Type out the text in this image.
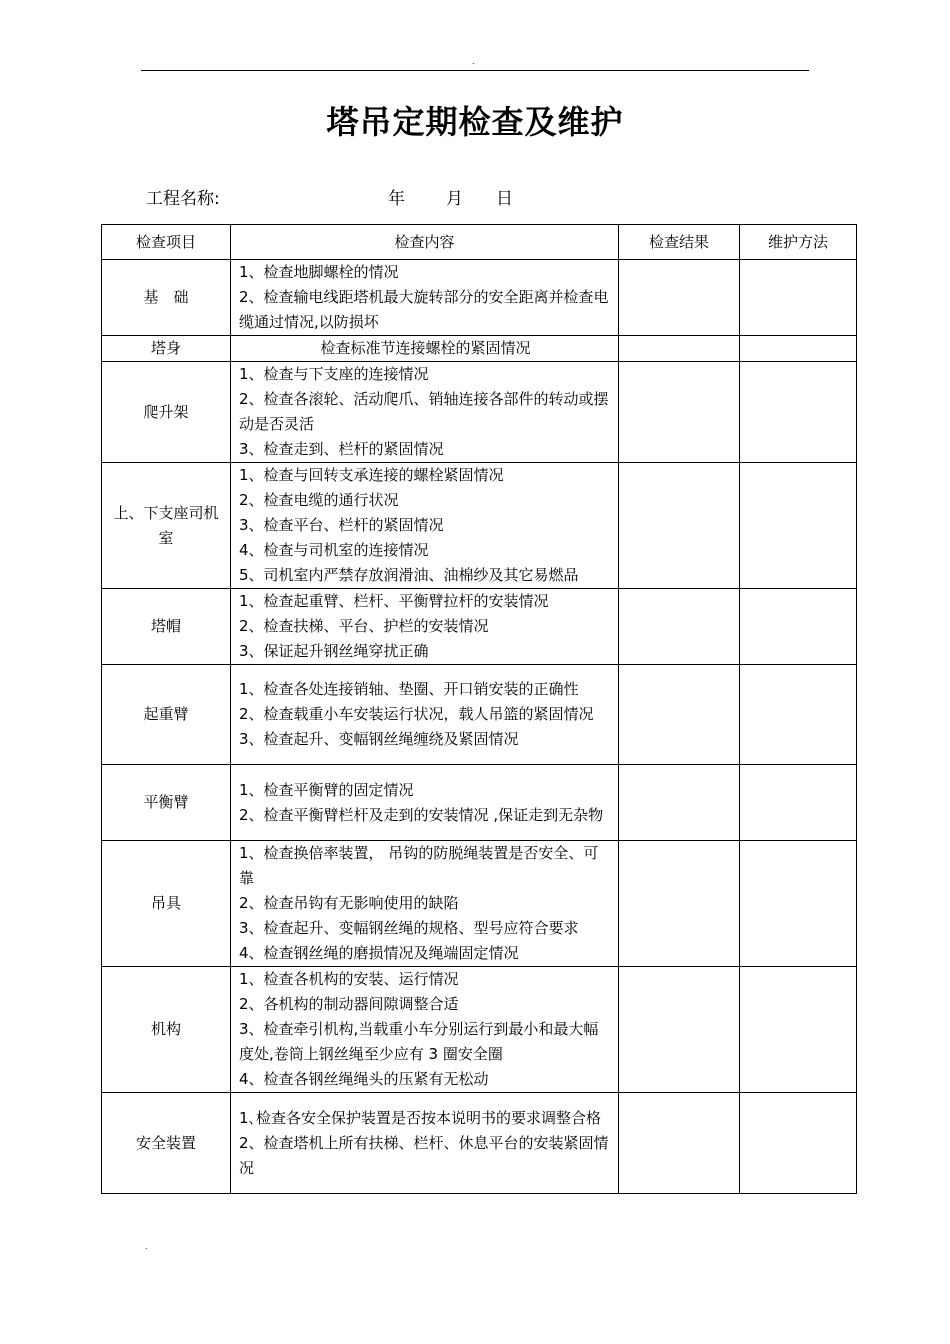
.
塔吊定期检查及维护
工程名称:	年	月	日
检查项目	检查内容	检查结果	维护方法
基　础	1、检查地脚螺栓的情况
2、检查输电线距塔机最大旋转部分的安全距离并检查电缆通过情况,以防损坏		

塔身	检查标准节连接螺栓的紧固情况		

爬升架	1、检查与下支座的连接情况
2、检查各滚轮、活动爬爪、销轴连接各部件的转动或摆动是否灵活
3、检查走到、栏杆的紧固情况		

上、下支座司机室	1、检查与回转支承连接的螺栓紧固情况
2、检查电缆的通行状况
3、检查平台、栏杆的紧固情况
4、检查与司机室的连接情况
5、司机室内严禁存放润滑油、油棉纱及其它易燃品		

塔帽	1、检查起重臂、栏杆、平衡臂拉杆的安装情况
2、检查扶梯、平台、护栏的安装情况
3、保证起升钢丝绳穿扰正确		

起重臂	1、检查各处连接销轴、垫圈、开口销安装的正确性
2、检查载重小车安装运行状况，载人吊篮的紧固情况
3、检查起升、变幅钢丝绳缠绕及紧固情况		

平衡臂	1、检查平衡臂的固定情况
2、检查平衡臂栏杆及走到的安装情况 ,保证走到无杂物		

吊具	1、检查换倍率装置， 吊钩的防脱绳装置是否安全、可靠
2、检查吊钩有无影响使用的缺陷
3、检查起升、变幅钢丝绳的规格、型号应符合要求
4、检查钢丝绳的磨损情况及绳端固定情况		

机构	1、检查各机构的安装、运行情况
2、各机构的制动器间隙调整合适
3、检查牵引机构,当载重小车分别运行到最小和最大幅度处,卷筒上钢丝绳至少应有 3 圈安全圈
4、检查各钢丝绳绳头的压紧有无松动		

安全装置	1､检查各安全保护装置是否按本说明书的要求调整合格
2、检查塔机上所有扶梯、栏杆、休息平台的安装紧固情况		

.
